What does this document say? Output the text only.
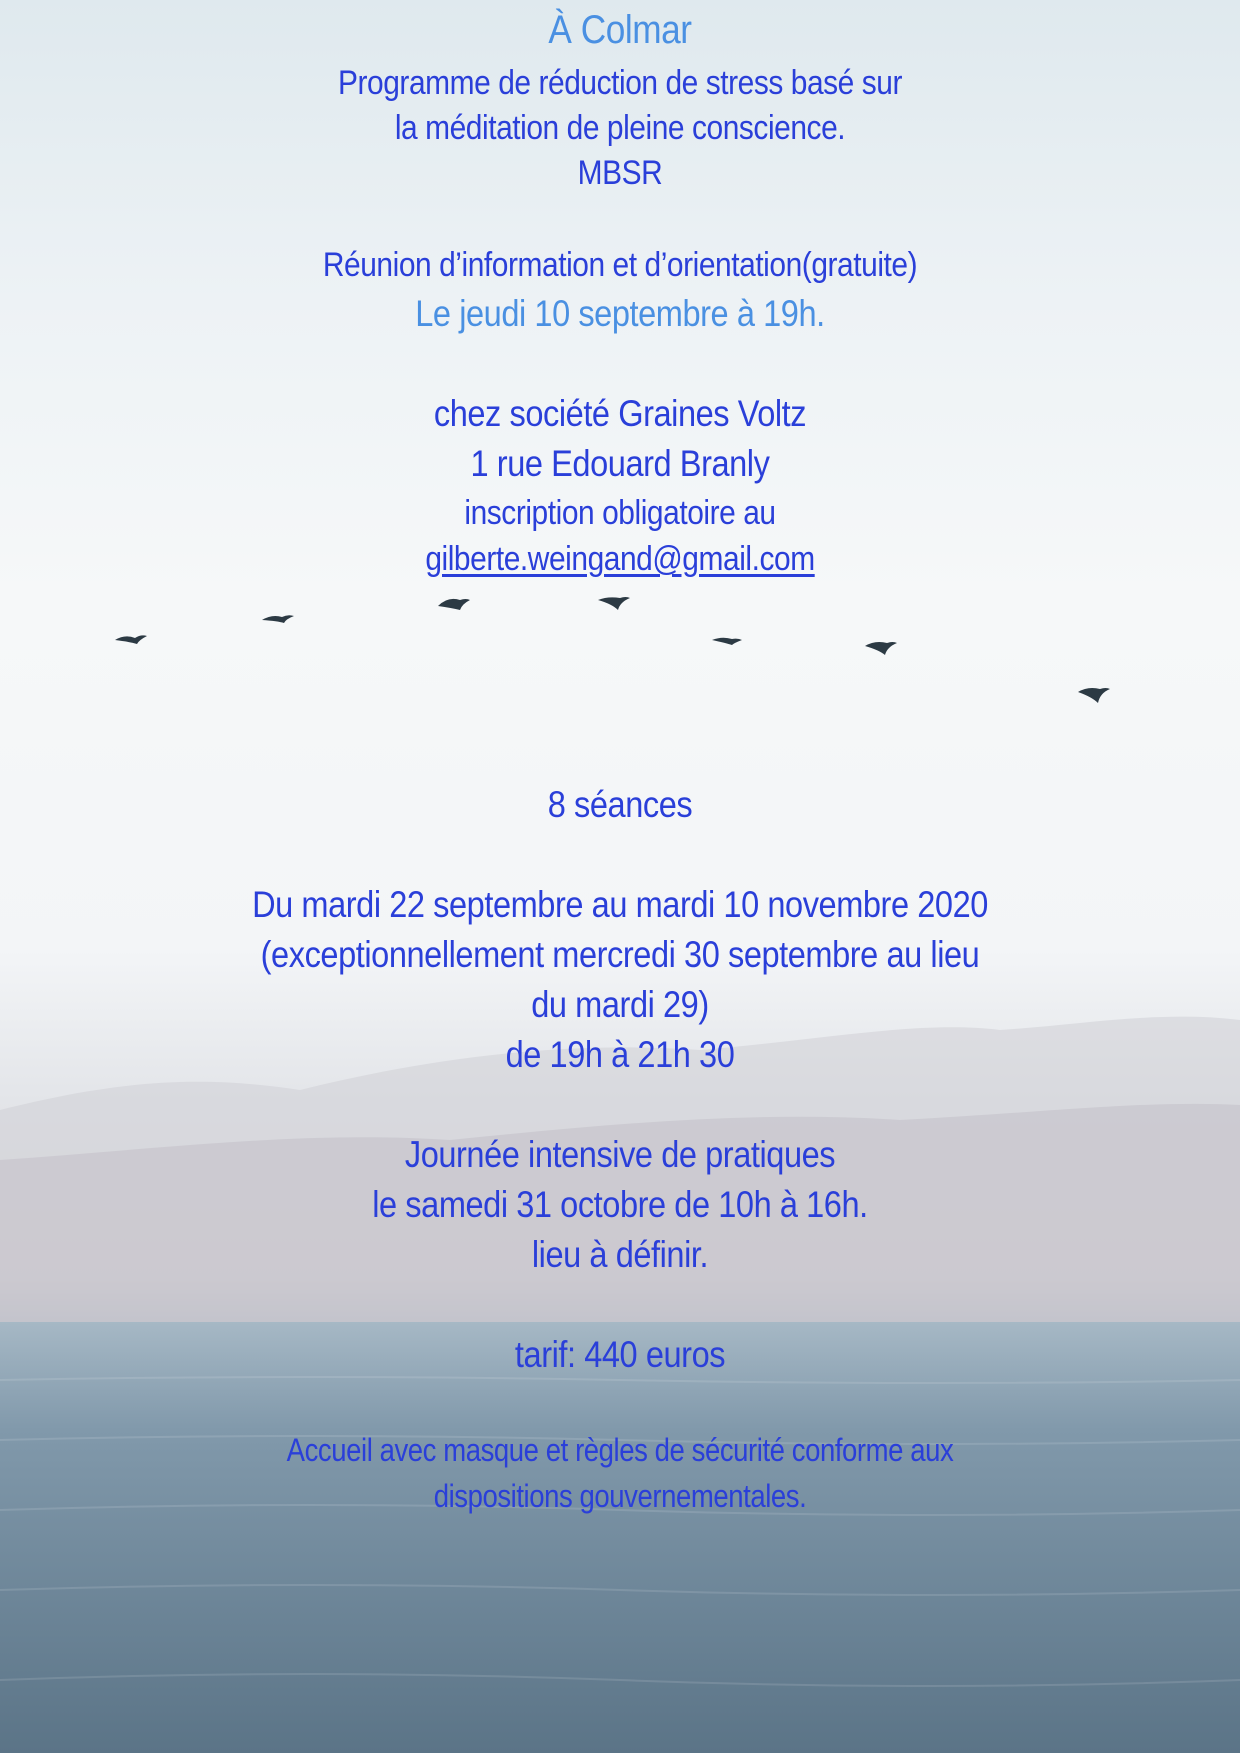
À Colmar
Programme de réduction de stress basé sur
la méditation de pleine conscience.
MBSR
Réunion d’information et d’orientation(gratuite)
Le jeudi 10 septembre à 19h.
chez société Graines Voltz
1 rue Edouard Branly
inscription obligatoire au
gilberte.weingand@gmail.com
8 séances
Du mardi 22 septembre au mardi 10 novembre 2020
(exceptionnellement mercredi 30 septembre au lieu
du mardi 29)
de 19h à 21h 30
Journée intensive de pratiques
le samedi 31 octobre de 10h à 16h.
lieu à définir.
tarif: 440 euros
Accueil avec masque et règles de sécurité conforme aux
dispositions gouvernementales.
